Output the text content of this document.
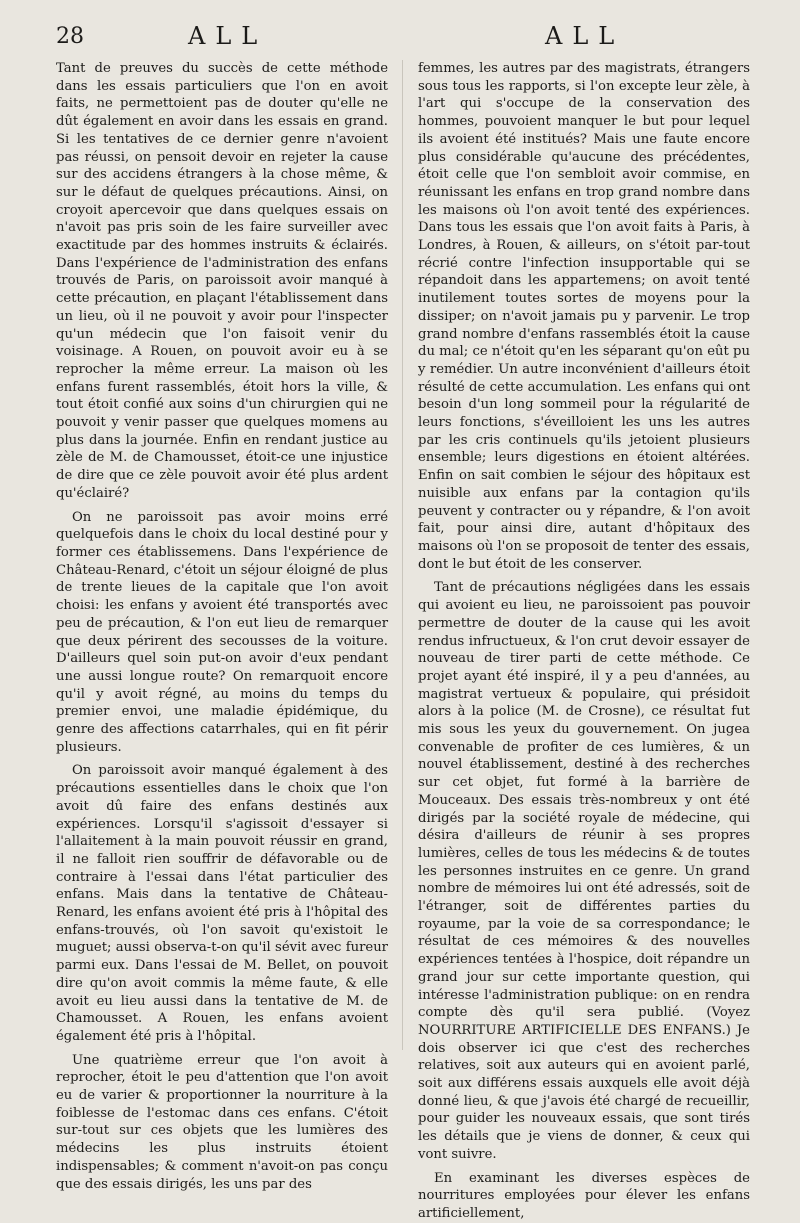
28	ALL	ALL

Tant de preuves du succès de cette méthode dans les essais particuliers que l'on en avoit faits, ne permettoient pas de douter qu'elle ne dût également en avoir dans les essais en grand. Si les tentatives de ce dernier genre n'avoient pas réussi, on pensoit devoir en rejeter la cause sur des accidens étrangers à la chose même, & sur le défaut de quelques précautions. Ainsi, on croyoit apercevoir que dans quelques essais on n'avoit pas pris soin de les faire surveiller avec exactitude par des hommes instruits & éclairés. Dans l'expérience de l'administration des enfans trouvés de Paris, on paroissoit avoir manqué à cette précaution, en plaçant l'établissement dans un lieu, où il ne pouvoit y avoir pour l'inspecter qu'un médecin que l'on faisoit venir du voisinage. A Rouen, on pouvoit avoir eu à se reprocher la même erreur. La maison où les enfans furent rassemblés, étoit hors la ville, & tout étoit confié aux soins d'un chirurgien qui ne pouvoit y venir passer que quelques momens au plus dans la journée. Enfin en rendant justice au zèle de M. de Chamousset, étoit-ce une injustice de dire que ce zèle pouvoit avoir été plus ardent qu'éclairé?

On ne paroissoit pas avoir moins erré quelquefois dans le choix du local destiné pour y former ces établissemens. Dans l'expérience de Château-Renard, c'étoit un séjour éloigné de plus de trente lieues de la capitale que l'on avoit choisi: les enfans y avoient été transportés avec peu de précaution, & l'on eut lieu de remarquer que deux périrent des secousses de la voiture. D'ailleurs quel soin put-on avoir d'eux pendant une aussi longue route? On remarquoit encore qu'il y avoit régné, au moins du temps du premier envoi, une maladie épidémique, du genre des affections catarrhales, qui en fit périr plusieurs.

On paroissoit avoir manqué également à des précautions essentielles dans le choix que l'on avoit dû faire des enfans destinés aux expériences. Lorsqu'il s'agissoit d'essayer si l'allaitement à la main pouvoit réussir en grand, il ne falloit rien souffrir de défavorable ou de contraire à l'essai dans l'état particulier des enfans. Mais dans la tentative de Château-Renard, les enfans avoient été pris à l'hôpital des enfans-trouvés, où l'on savoit qu'existoit le muguet; aussi observa-t-on qu'il sévit avec fureur parmi eux. Dans l'essai de M. Bellet, on pouvoit dire qu'on avoit commis la même faute, & elle avoit eu lieu aussi dans la tentative de M. de Chamousset. A Rouen, les enfans avoient également été pris à l'hôpital.

Une quatrième erreur que l'on avoit à reprocher, étoit le peu d'attention que l'on avoit eu de varier & proportionner la nourriture à la foiblesse de l'estomac dans ces enfans. C'étoit sur-tout sur ces objets que les lumières des médecins les plus instruits étoient indispensables; & comment n'avoit-on pas conçu que des essais dirigés, les uns par des

femmes, les autres par des magistrats, étrangers sous tous les rapports, si l'on excepte leur zèle, à l'art qui s'occupe de la conservation des hommes, pouvoient manquer le but pour lequel ils avoient été institués? Mais une faute encore plus considérable qu'aucune des précédentes, étoit celle que l'on sembloit avoir commise, en réunissant les enfans en trop grand nombre dans les maisons où l'on avoit tenté des expériences. Dans tous les essais que l'on avoit faits à Paris, à Londres, à Rouen, & ailleurs, on s'étoit par-tout récrié contre l'infection insupportable qui se répandoit dans les appartemens; on avoit tenté inutilement toutes sortes de moyens pour la dissiper; on n'avoit jamais pu y parvenir. Le trop grand nombre d'enfans rassemblés étoit la cause du mal; ce n'étoit qu'en les séparant qu'on eût pu y remédier. Un autre inconvénient d'ailleurs étoit résulté de cette accumulation. Les enfans qui ont besoin d'un long sommeil pour la régularité de leurs fonctions, s'éveilloient les uns les autres par les cris continuels qu'ils jetoient plusieurs ensemble; leurs digestions en étoient altérées. Enfin on sait combien le séjour des hôpitaux est nuisible aux enfans par la contagion qu'ils peuvent y contracter ou y répandre, & l'on avoit fait, pour ainsi dire, autant d'hôpitaux des maisons où l'on se proposoit de tenter des essais, dont le but étoit de les conserver.

Tant de précautions négligées dans les essais qui avoient eu lieu, ne paroissoient pas pouvoir permettre de douter de la cause qui les avoit rendus infructueux, & l'on crut devoir essayer de nouveau de tirer parti de cette méthode. Ce projet ayant été inspiré, il y a peu d'années, au magistrat vertueux & populaire, qui présidoit alors à la police (M. de Crosne), ce résultat fut mis sous les yeux du gouvernement. On jugea convenable de profiter de ces lumières, & un nouvel établissement, destiné à des recherches sur cet objet, fut formé à la barrière de Mouceaux. Des essais très-nombreux y ont été dirigés par la société royale de médecine, qui désira d'ailleurs de réunir à ses propres lumières, celles de tous les médecins & de toutes les personnes instruites en ce genre. Un grand nombre de mémoires lui ont été adressés, soit de l'étranger, soit de différentes parties du royaume, par la voie de sa correspondance; le résultat de ces mémoires & des nouvelles expériences tentées à l'hospice, doit répandre un grand jour sur cette importante question, qui intéresse l'administration publique: on en rendra compte dès qu'il sera publié. (Voyez NOURRITURE ARTIFICIELLE DES ENFANS.) Je dois observer ici que c'est des recherches relatives, soit aux auteurs qui en avoient parlé, soit aux différens essais auxquels elle avoit déjà donné lieu, & que j'avois été chargé de recueillir, pour guider les nouveaux essais, que sont tirés les détails que je viens de donner, & ceux qui vont suivre.

En examinant les diverses espèces de nourritures employées pour élever les enfans artificiellement,
